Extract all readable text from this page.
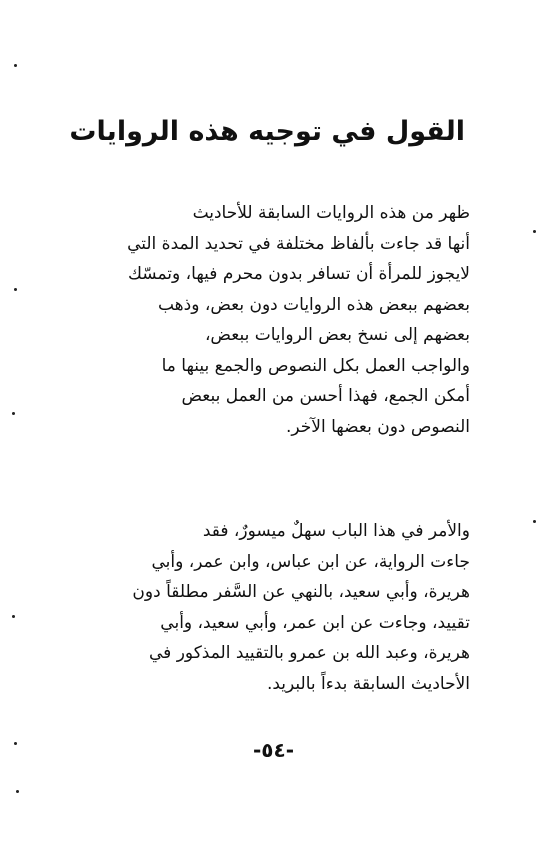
القول في توجيه هذه الروايات
ظهر من هذه الروايات السابقة للأحاديث
أنها قد جاءت بألفاظ مختلفة في تحديد المدة التي
لايجوز للمرأة أن تسافر بدون محرم فيها، وتمسّك
بعضهم ببعض هذه الروايات دون بعض، وذهب
بعضهم إلى نسخ بعض الروايات ببعض،
والواجب العمل بكل النصوص والجمع بينها ما
أمكن الجمع، فهذا أحسن من العمل ببعض
النصوص دون بعضها الآخر.
والأمر في هذا الباب سهلٌ ميسورٌ، فقد
جاءت الرواية، عن ابن عباس، وابن عمر، وأبي
هريرة، وأبي سعيد، بالنهي عن السَّفر مطلقاً دون
تقييد، وجاءت عن ابن عمر، وأبي سعيد، وأبي
هريرة، وعبد الله بن عمرو بالتقييد المذكور في
الأحاديث السابقة بدءاً بالبريد.
-٥٤-
